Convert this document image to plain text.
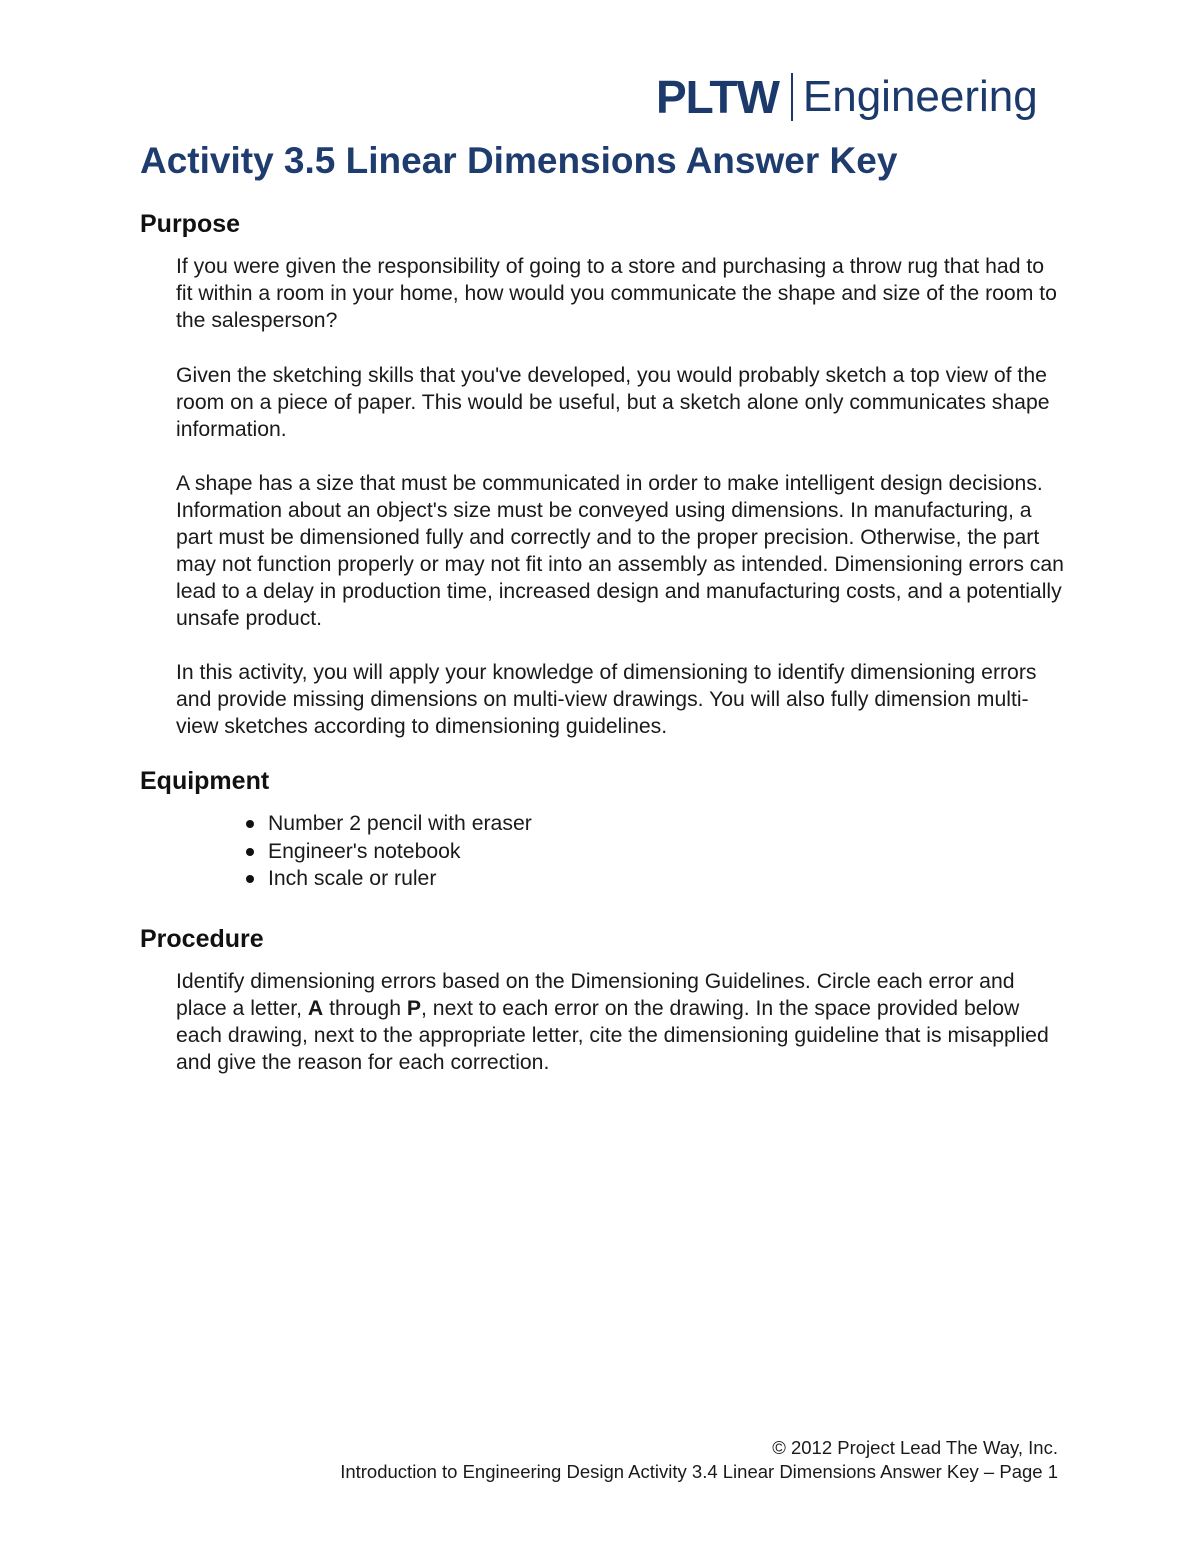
PLTW Engineering
Activity 3.5 Linear Dimensions Answer Key
Purpose

If you were given the responsibility of going to a store and purchasing a throw rug that had to fit within a room in your home, how would you communicate the shape and size of the room to the salesperson?

Given the sketching skills that you've developed, you would probably sketch a top view of the room on a piece of paper. This would be useful, but a sketch alone only communicates shape information.

A shape has a size that must be communicated in order to make intelligent design decisions. Information about an object's size must be conveyed using dimensions. In manufacturing, a part must be dimensioned fully and correctly and to the proper precision. Otherwise, the part may not function properly or may not fit into an assembly as intended. Dimensioning errors can lead to a delay in production time, increased design and manufacturing costs, and a potentially unsafe product.

In this activity, you will apply your knowledge of dimensioning to identify dimensioning errors and provide missing dimensions on multi-view drawings. You will also fully dimension multi-view sketches according to dimensioning guidelines.

Equipment
Number 2 pencil with eraser
Engineer's notebook
Inch scale or ruler
Procedure

Identify dimensioning errors based on the Dimensioning Guidelines. Circle each error and place a letter, A through P, next to each error on the drawing. In the space provided below each drawing, next to the appropriate letter, cite the dimensioning guideline that is misapplied and give the reason for each correction.

© 2012 Project Lead The Way, Inc.
Introduction to Engineering Design Activity 3.4 Linear Dimensions Answer Key – Page 1
